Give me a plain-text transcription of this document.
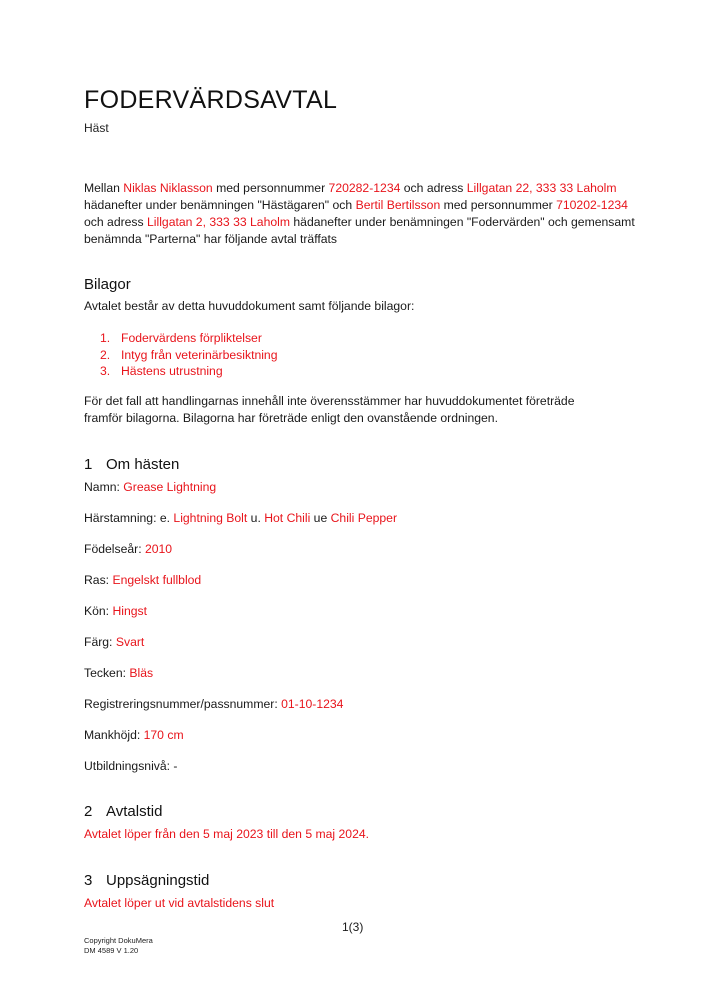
FODERVÄRDSAVTAL
Häst
Mellan Niklas Niklasson med personnummer 720282-1234 och adress Lillgatan 22, 333 33 Laholm hädanefter under benämningen "Hästägaren" och Bertil Bertilsson med personnummer 710202-1234 och adress Lillgatan 2, 333 33 Laholm hädanefter under benämningen "Fodervärden" och gemensamt benämnda "Parterna" har följande avtal träffats
Bilagor
Avtalet består av detta huvuddokument samt följande bilagor:
1. Fodervärdens förpliktelser
2. Intyg från veterinärbesiktning
3. Hästens utrustning
För det fall att handlingarnas innehåll inte överensstämmer har huvuddokumentet företräde framför bilagorna. Bilagorna har företräde enligt den ovanstående ordningen.
1 Om hästen
Namn: Grease Lightning
Härstamning: e. Lightning Bolt u. Hot Chili ue Chili Pepper
Födelseår: 2010
Ras: Engelskt fullblod
Kön: Hingst
Färg: Svart
Tecken: Bläs
Registreringsnummer/passnummer: 01-10-1234
Mankhöjd: 170 cm
Utbildningsnivå: -
2 Avtalstid
Avtalet löper från den 5 maj 2023 till den 5 maj 2024.
3 Uppsägningstid
Avtalet löper ut vid avtalstidens slut
1(3)
Copyright DokuMera
DM 4589 V 1.20
